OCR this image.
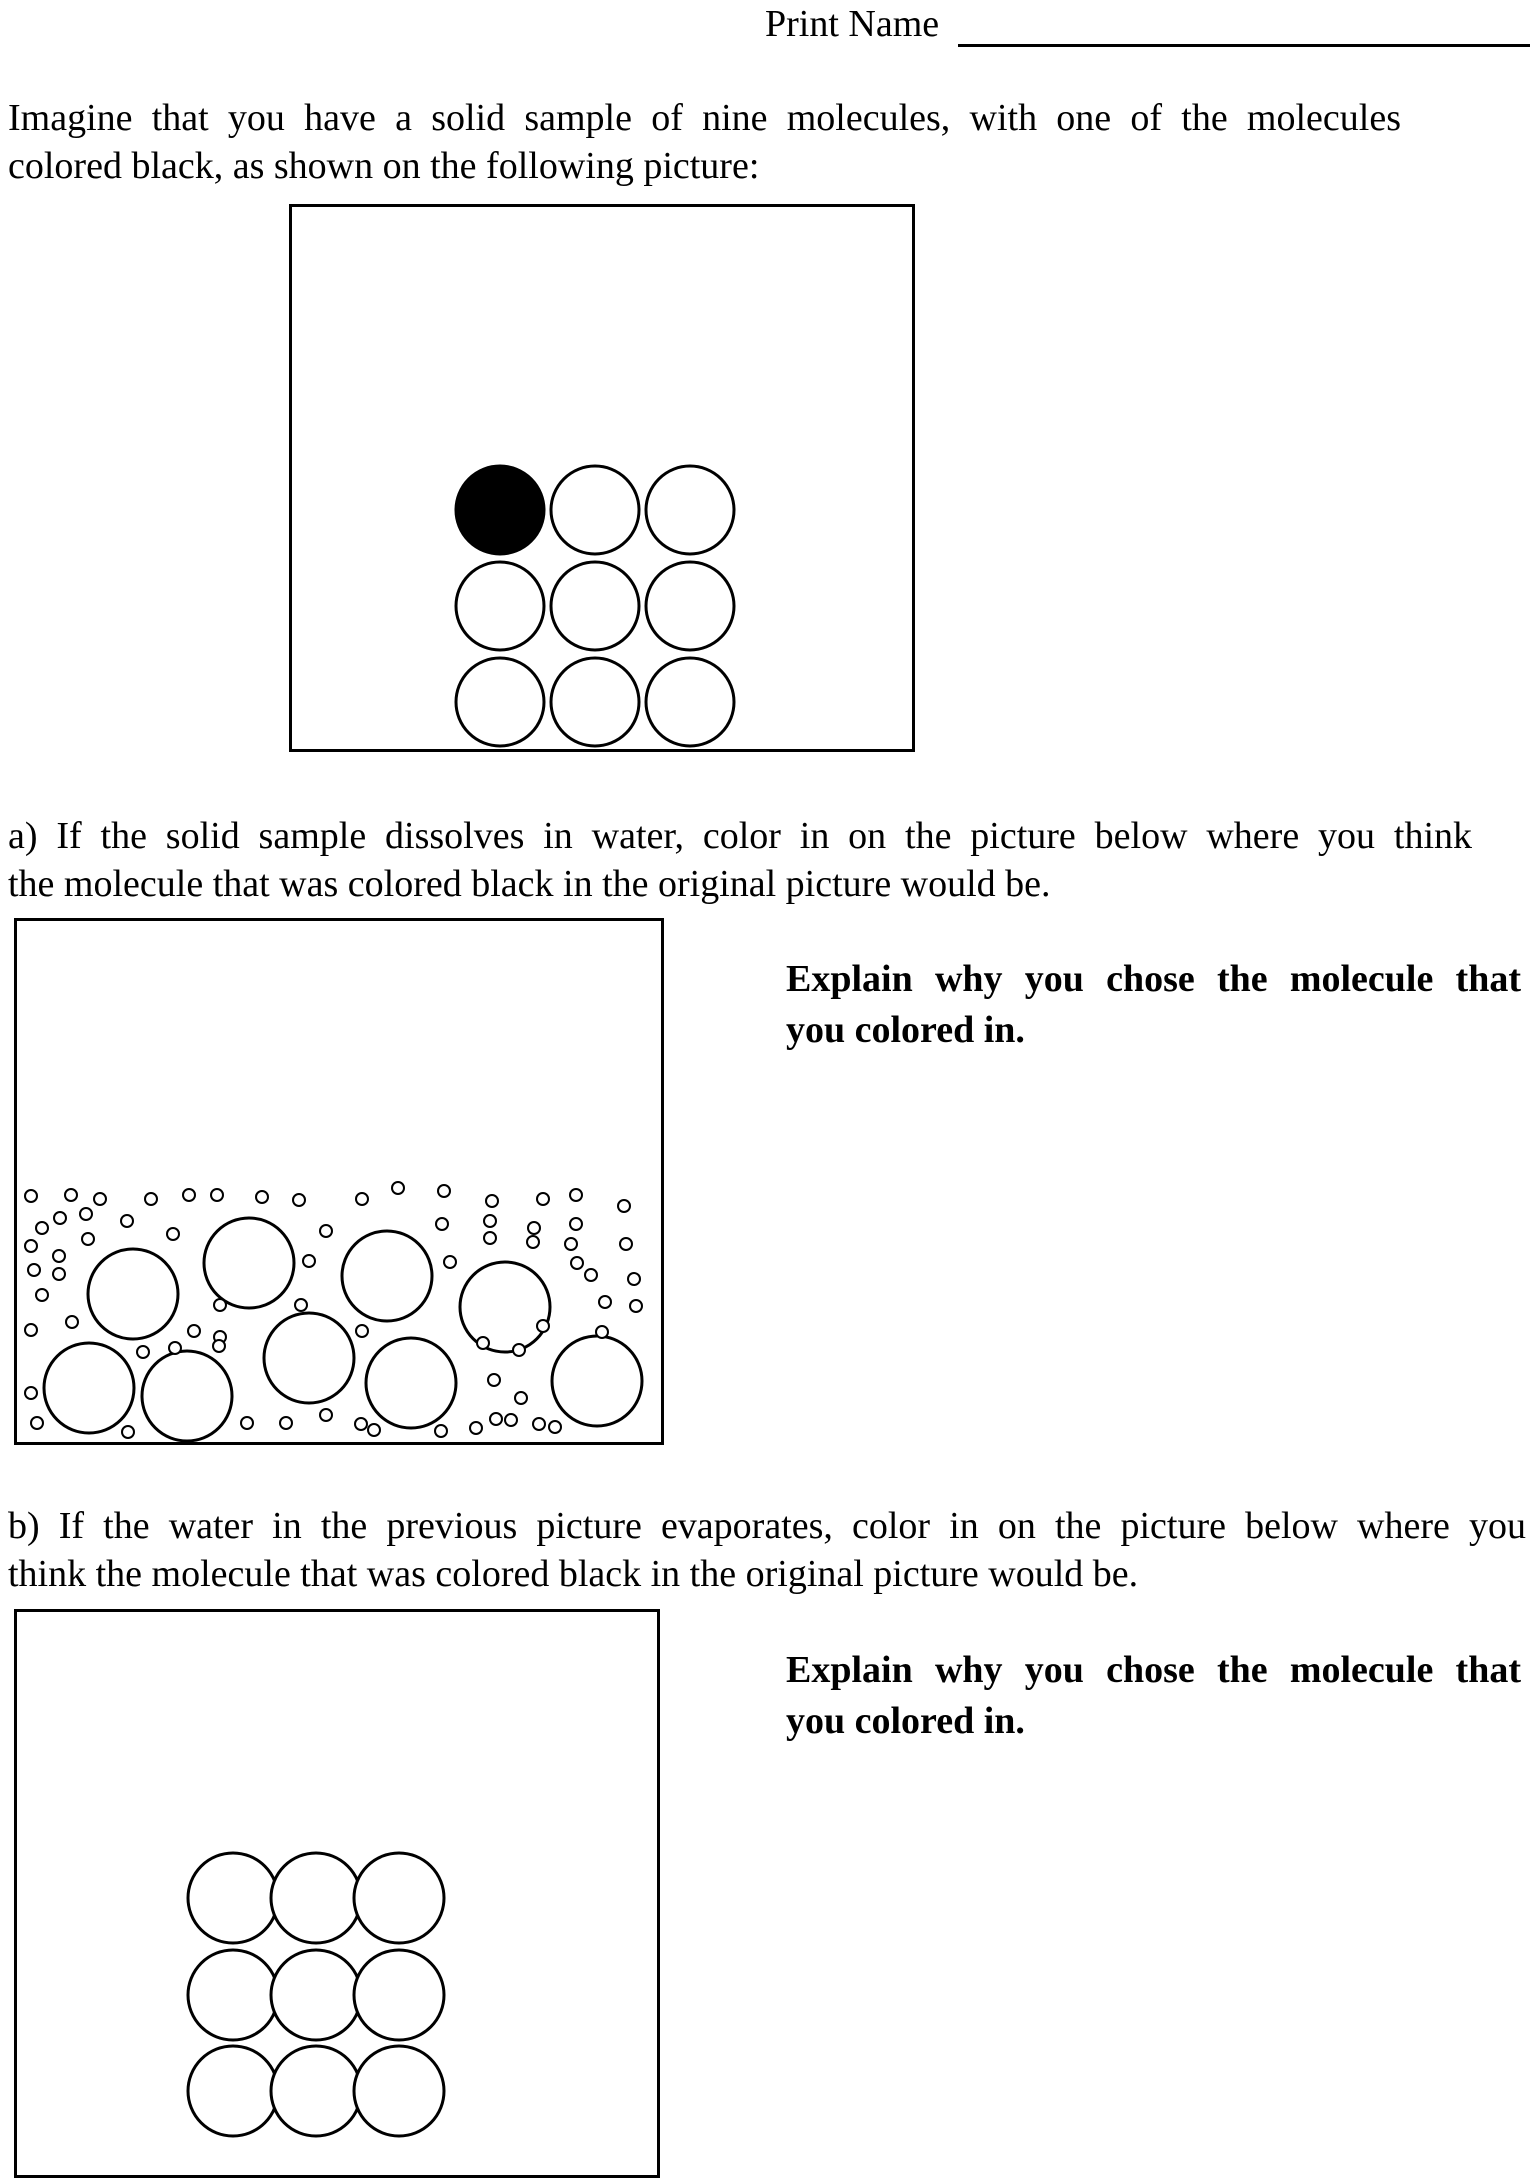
Print Name
Imagine that you have a solid sample of nine molecules, with one of the molecules
colored black, as shown on the following picture:
a) If the solid sample dissolves in water, color in on the picture below where you think
the molecule that was colored black in the original picture would be.
Explain why you chose the molecule that
you colored in.
b) If the water in the previous picture evaporates, color in on the picture below where you
think the molecule that was colored black in the original picture would be.
Explain why you chose the molecule that
you colored in.
